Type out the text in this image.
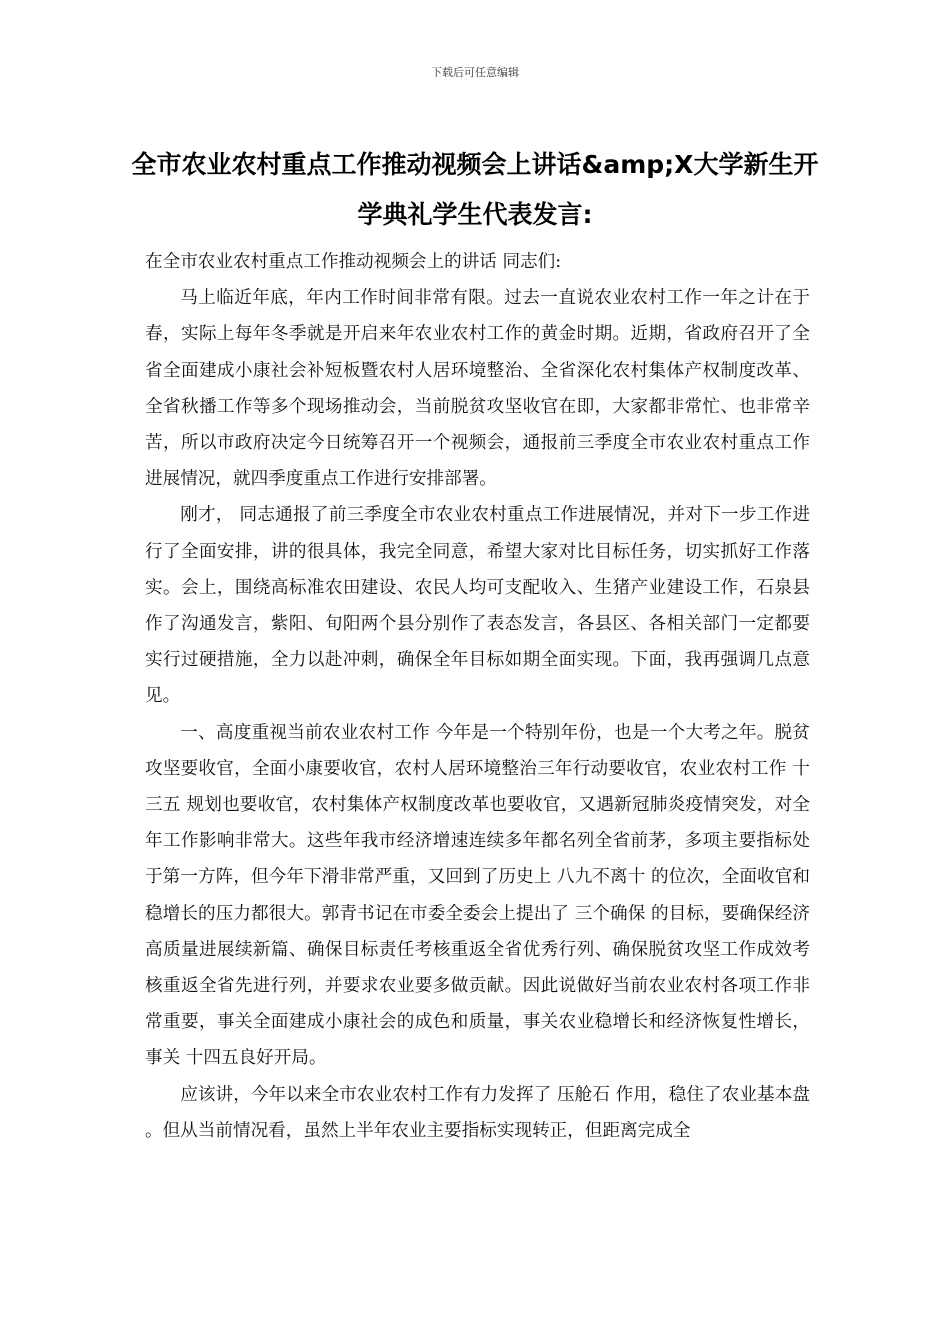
下载后可任意编辑
全市农业农村重点工作推动视频会上讲话&amp;X大学新生开学典礼学生代表发言:

在全市农业农村重点工作推动视频会上的讲话 同志们:

马上临近年底，年内工作时间非常有限。过去一直说农业农村工作一年之计在于春，实际上每年冬季就是开启来年农业农村工作的黄金时期。近期，省政府召开了全省全面建成小康社会补短板暨农村人居环境整治、全省深化农村集体产权制度改革、全省秋播工作等多个现场推动会，当前脱贫攻坚收官在即，大家都非常忙、也非常辛苦，所以市政府决定今日统筹召开一个视频会，通报前三季度全市农业农村重点工作进展情况，就四季度重点工作进行安排部署。

刚才， 同志通报了前三季度全市农业农村重点工作进展情况，并对下一步工作进行了全面安排，讲的很具体，我完全同意，希望大家对比目标任务，切实抓好工作落实。会上，围绕高标准农田建设、农民人均可支配收入、生猪产业建设工作，石泉县作了沟通发言，紫阳、旬阳两个县分别作了表态发言，各县区、各相关部门一定都要实行过硬措施，全力以赴冲刺，确保全年目标如期全面实现。下面，我再强调几点意见。

一、高度重视当前农业农村工作 今年是一个特别年份，也是一个大考之年。脱贫攻坚要收官，全面小康要收官，农村人居环境整治三年行动要收官，农业农村工作 十三五 规划也要收官，农村集体产权制度改革也要收官，又遇新冠肺炎疫情突发，对全年工作影响非常大。这些年我市经济增速连续多年都名列全省前茅，多项主要指标处于第一方阵，但今年下滑非常严重，又回到了历史上 八九不离十 的位次，全面收官和稳增长的压力都很大。郭青书记在市委全委会上提出了 三个确保 的目标，要确保经济高质量进展续新篇、确保目标责任考核重返全省优秀行列、确保脱贫攻坚工作成效考核重返全省先进行列，并要求农业要多做贡献。因此说做好当前农业农村各项工作非常重要，事关全面建成小康社会的成色和质量，事关农业稳增长和经济恢复性增长，事关 十四五良好开局。

应该讲，今年以来全市农业农村工作有力发挥了 压舱石 作用，稳住了农业基本盘 。但从当前情况看，虽然上半年农业主要指标实现转正，但距离完成全
